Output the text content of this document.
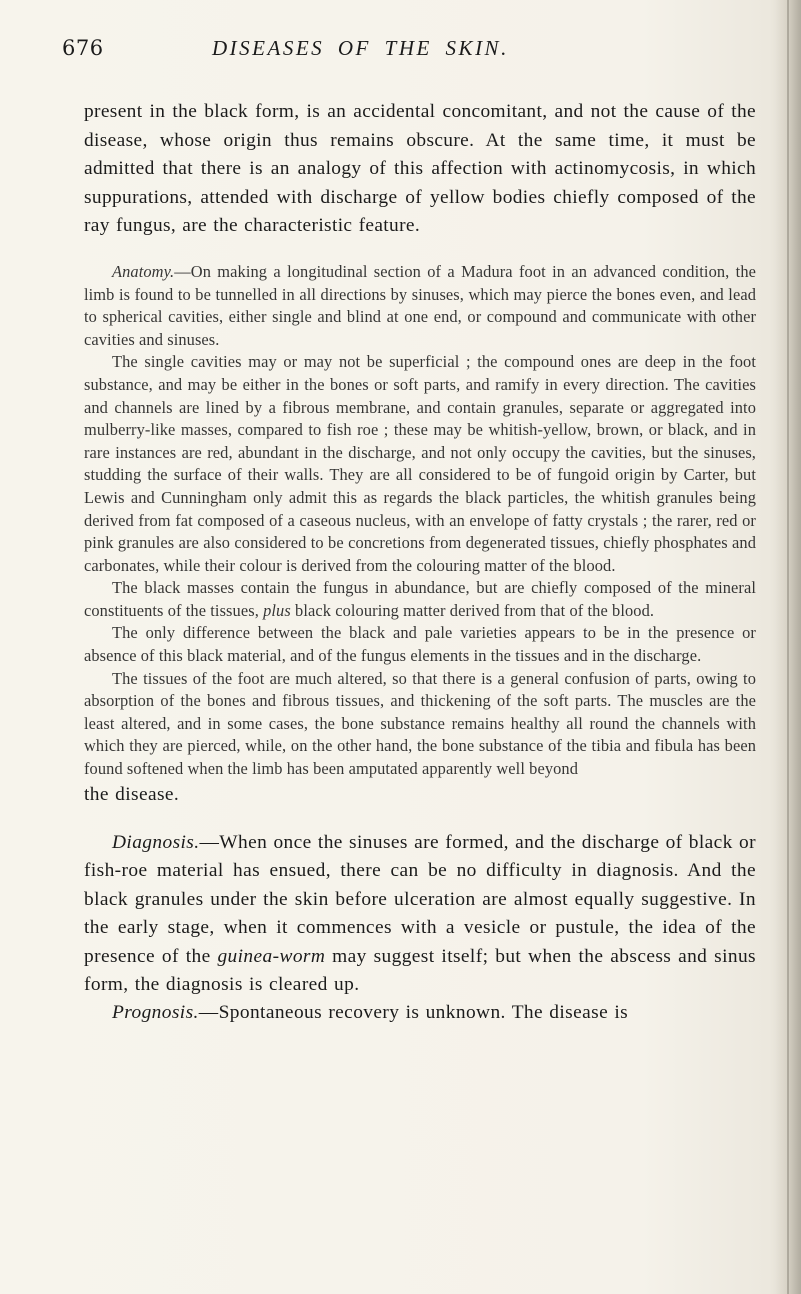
676	DISEASES OF THE SKIN.

present in the black form, is an accidental concomitant, and not the cause of the disease, whose origin thus remains obscure. At the same time, it must be admitted that there is an analogy of this affection with actinomycosis, in which suppurations, attended with discharge of yellow bodies chiefly composed of the ray fungus, are the characteristic feature.

Anatomy.—On making a longitudinal section of a Madura foot in an advanced condition, the limb is found to be tunnelled in all directions by sinuses, which may pierce the bones even, and lead to spherical cavities, either single and blind at one end, or compound and communicate with other cavities and sinuses.

The single cavities may or may not be superficial ; the compound ones are deep in the foot substance, and may be either in the bones or soft parts, and ramify in every direction. The cavities and channels are lined by a fibrous membrane, and contain granules, separate or aggregated into mulberry-like masses, compared to fish roe ; these may be whitish-yellow, brown, or black, and in rare instances are red, abundant in the discharge, and not only occupy the cavities, but the sinuses, studding the surface of their walls. They are all considered to be of fungoid origin by Carter, but Lewis and Cunningham only admit this as regards the black particles, the whitish granules being derived from fat composed of a caseous nucleus, with an envelope of fatty crystals ; the rarer, red or pink granules are also considered to be concretions from degenerated tissues, chiefly phosphates and carbonates, while their colour is derived from the colouring matter of the blood.

The black masses contain the fungus in abundance, but are chiefly composed of the mineral constituents of the tissues, plus black colouring matter derived from that of the blood.

The only difference between the black and pale varieties appears to be in the presence or absence of this black material, and of the fungus elements in the tissues and in the discharge.

The tissues of the foot are much altered, so that there is a general confusion of parts, owing to absorption of the bones and fibrous tissues, and thickening of the soft parts. The muscles are the least altered, and in some cases, the bone substance remains healthy all round the channels with which they are pierced, while, on the other hand, the bone substance of the tibia and fibula has been found softened when the limb has been amputated apparently well beyond

the disease.

Diagnosis.—When once the sinuses are formed, and the discharge of black or fish-roe material has ensued, there can be no difficulty in diagnosis. And the black granules under the skin before ulceration are almost equally suggestive. In the early stage, when it commences with a vesicle or pustule, the idea of the presence of the guinea-worm may suggest itself; but when the abscess and sinus form, the diagnosis is cleared up.

Prognosis.—Spontaneous recovery is unknown. The disease is
